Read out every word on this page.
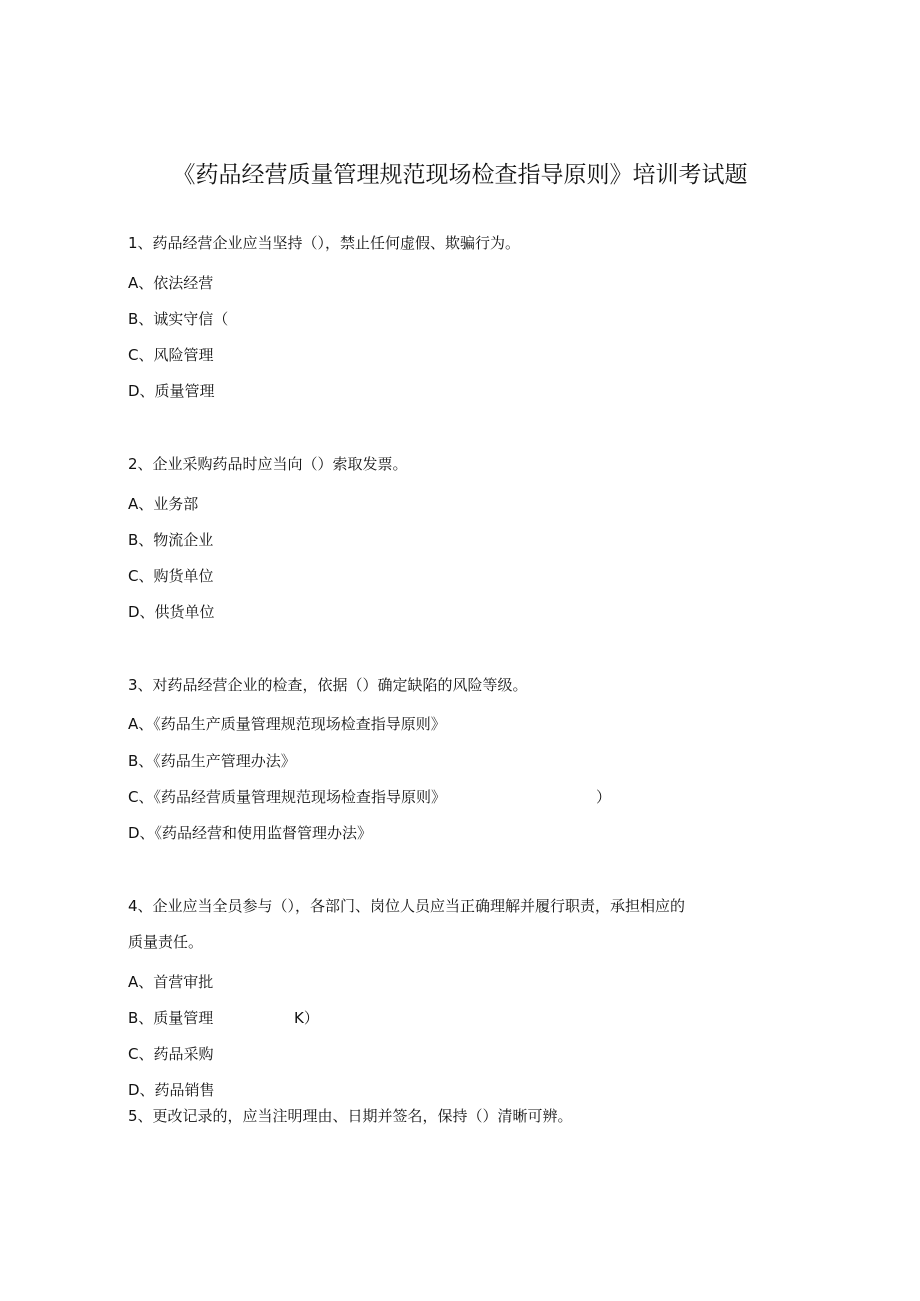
《药品经营质量管理规范现场检查指导原则》培训考试题
1、药品经营企业应当坚持（），禁止任何虚假、欺骗行为。
A、依法经营
B、诚实守信（
C、风险管理
D、质量管理
2、企业采购药品时应当向（）索取发票。
A、业务部
B、物流企业
C、购货单位
D、供货单位
3、对药品经营企业的检查，依据（）确定缺陷的风险等级。
A、《药品生产质量管理规范现场检查指导原则》
B、《药品生产管理办法》
C、《药品经营质量管理规范现场检查指导原则》	）
D、《药品经营和使用监督管理办法》
4、企业应当全员参与（），各部门、岗位人员应当正确理解并履行职责，承担相应的
质量责任。
A、首营审批
B、质量管理	K）
C、药品采购
D、药品销售
5、更改记录的，应当注明理由、日期并签名，保持（）清晰可辨。
